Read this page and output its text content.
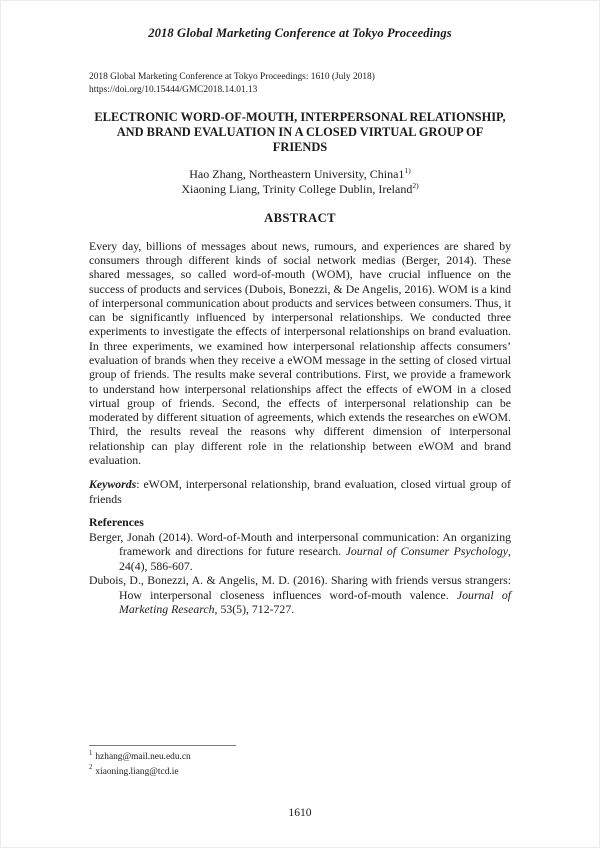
2018 Global Marketing Conference at Tokyo Proceedings
2018 Global Marketing Conference at Tokyo Proceedings: 1610 (July 2018)
https://doi.org/10.15444/GMC2018.14.01.13
ELECTRONIC WORD-OF-MOUTH, INTERPERSONAL RELATIONSHIP,
AND BRAND EVALUATION IN A CLOSED VIRTUAL GROUP OF FRIENDS
Hao Zhang, Northeastern University, China1$^{1)}$
Xiaoning Liang, Trinity College Dublin, Ireland$^{2)}$
ABSTRACT

Every day, billions of messages about news, rumours, and experiences are shared by consumers through different kinds of social network medias (Berger, 2014). These shared messages, so called word-of-mouth (WOM), have crucial influence on the success of products and services (Dubois, Bonezzi, & De Angelis, 2016). WOM is a kind of interpersonal communication about products and services between consumers. Thus, it can be significantly influenced by interpersonal relationships. We conducted three experiments to investigate the effects of interpersonal relationships on brand evaluation. In three experiments, we examined how interpersonal relationship affects consumers’ evaluation of brands when they receive a eWOM message in the setting of closed virtual group of friends. The results make several contributions. First, we provide a framework to understand how interpersonal relationships affect the effects of eWOM in a closed virtual group of friends. Second, the effects of interpersonal relationship can be moderated by different situation of agreements, which extends the researches on eWOM. Third, the results reveal the reasons why different dimension of interpersonal relationship can play different role in the relationship between eWOM and brand evaluation.

Keywords: eWOM, interpersonal relationship, brand evaluation, closed virtual group of friends

References
Berger, Jonah (2014). Word-of-Mouth and interpersonal communication: An organizing framework and directions for future research. Journal of Consumer Psychology, 24(4), 586-607.
Dubois, D., Bonezzi, A. & Angelis, M. D. (2016). Sharing with friends versus strangers: How interpersonal closeness influences word-of-mouth valence. Journal of Marketing Research, 53(5), 712-727.
$^1$ hzhang@mail.neu.edu.cn
$^2$ xiaoning.liang@tcd.ie
1610
